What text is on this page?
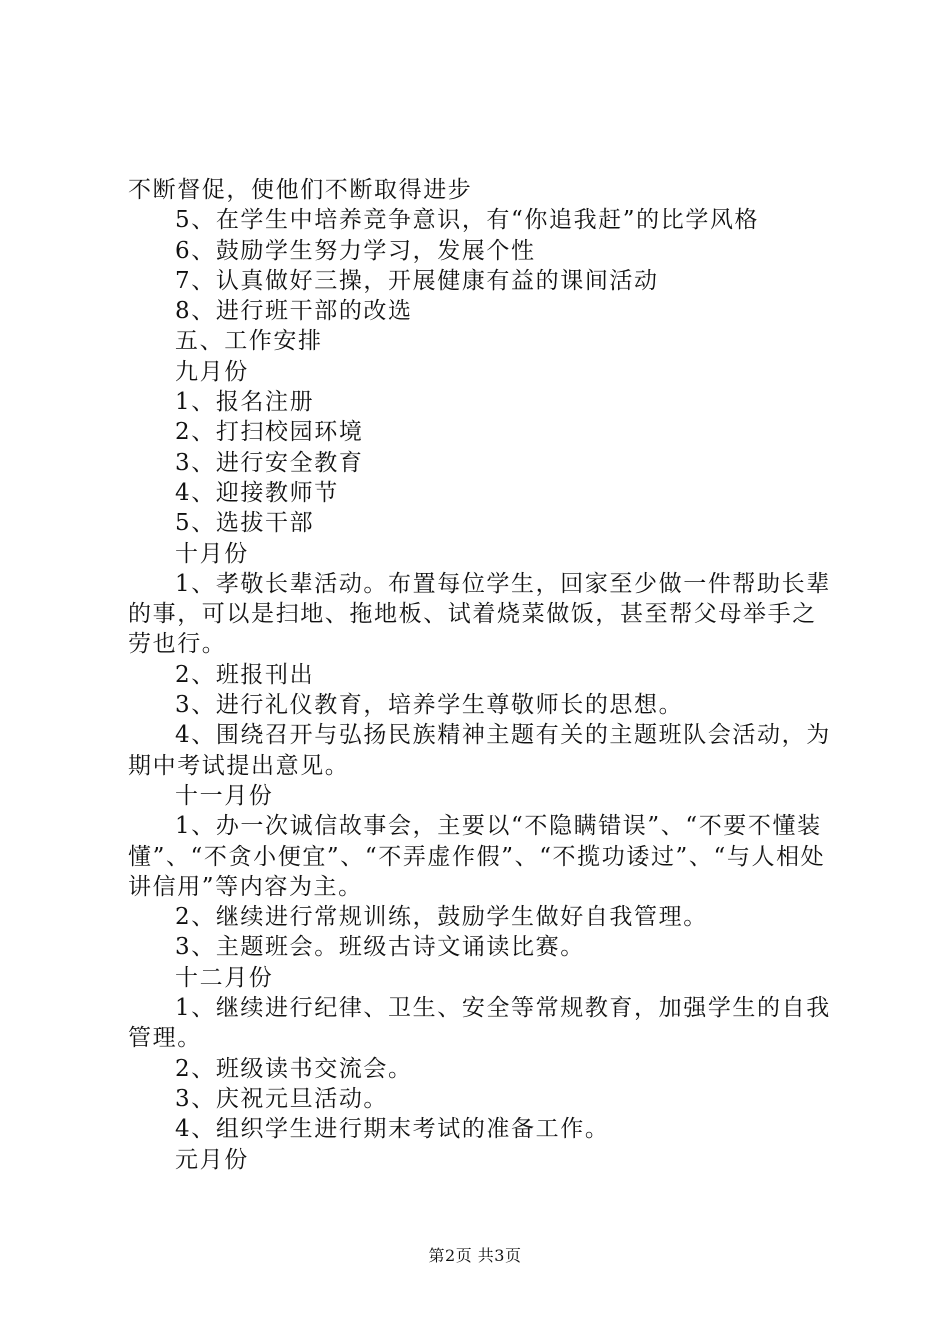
不断督促，使他们不断取得进步

5、在学生中培养竞争意识，有“你追我赶”的比学风格

6、鼓励学生努力学习，发展个性

7、认真做好三操，开展健康有益的课间活动

8、进行班干部的改选

五、工作安排

九月份

1、报名注册

2、打扫校园环境

3、进行安全教育

4、迎接教师节

5、选拔干部

十月份

1、孝敬长辈活动。布置每位学生，回家至少做一件帮助长辈的事，可以是扫地、拖地板、试着烧菜做饭，甚至帮父母举手之劳也行。

2、班报刊出

3、进行礼仪教育，培养学生尊敬师长的思想。

4、围绕召开与弘扬民族精神主题有关的主题班队会活动，为期中考试提出意见。

十一月份

1、办一次诚信故事会，主要以“不隐瞒错误”、“不要不懂装懂”、“不贪小便宜”、“不弄虚作假”、“不揽功诿过”、“与人相处讲信用”等内容为主。

2、继续进行常规训练，鼓励学生做好自我管理。

3、主题班会。班级古诗文诵读比赛。

十二月份

1、继续进行纪律、卫生、安全等常规教育，加强学生的自我管理。

2、班级读书交流会。

3、庆祝元旦活动。

4、组织学生进行期末考试的准备工作。

元月份

第2页 共3页
